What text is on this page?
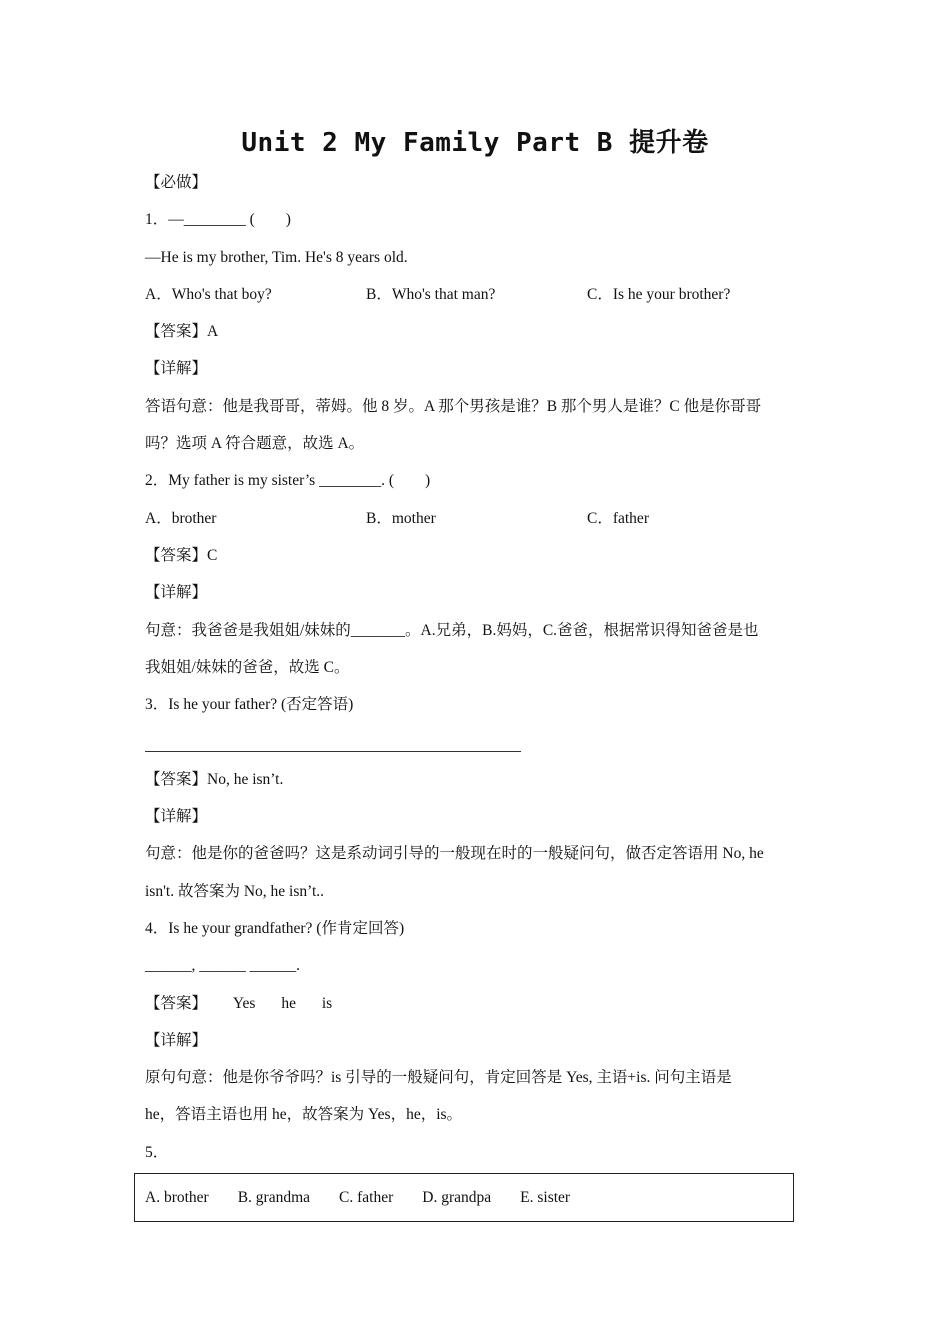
Unit 2 My Family Part B 提升卷
【必做】
1．—________ (　　)
—He is my brother, Tim. He's 8 years old.
A．Who's that boy?	B．Who's that man?	C．Is he your brother?
【答案】A
【详解】
答语句意：他是我哥哥，蒂姆。他 8 岁。A 那个男孩是谁？B 那个男人是谁？C 他是你哥哥
吗？选项 A 符合题意，故选 A。
2．My father is my sister’s ________. (　　)
A．brother	B．mother	C．father
【答案】C
【详解】
句意：我爸爸是我姐姐/妹妹的_______。A.兄弟，B.妈妈，C.爸爸，根据常识得知爸爸是也
我姐姐/妹妹的爸爸，故选 C。
3．Is he your father? (否定答语)
【答案】No, he isn’t.
【详解】
句意：他是你的爸爸吗？这是系动词引导的一般现在时的一般疑问句，做否定答语用 No, he
isn't. 故答案为 No, he isn’t..
4．Is he your grandfather? (作肯定回答)
______, ______ ______.
【答案】 Yes he is
【详解】
原句句意：他是你爷爷吗？is 引导的一般疑问句，肯定回答是 Yes, 主语+is. 问句主语是
he，答语主语也用 he，故答案为 Yes，he，is。
5．
A. brother B. grandma C. father D. grandpa E. sister
